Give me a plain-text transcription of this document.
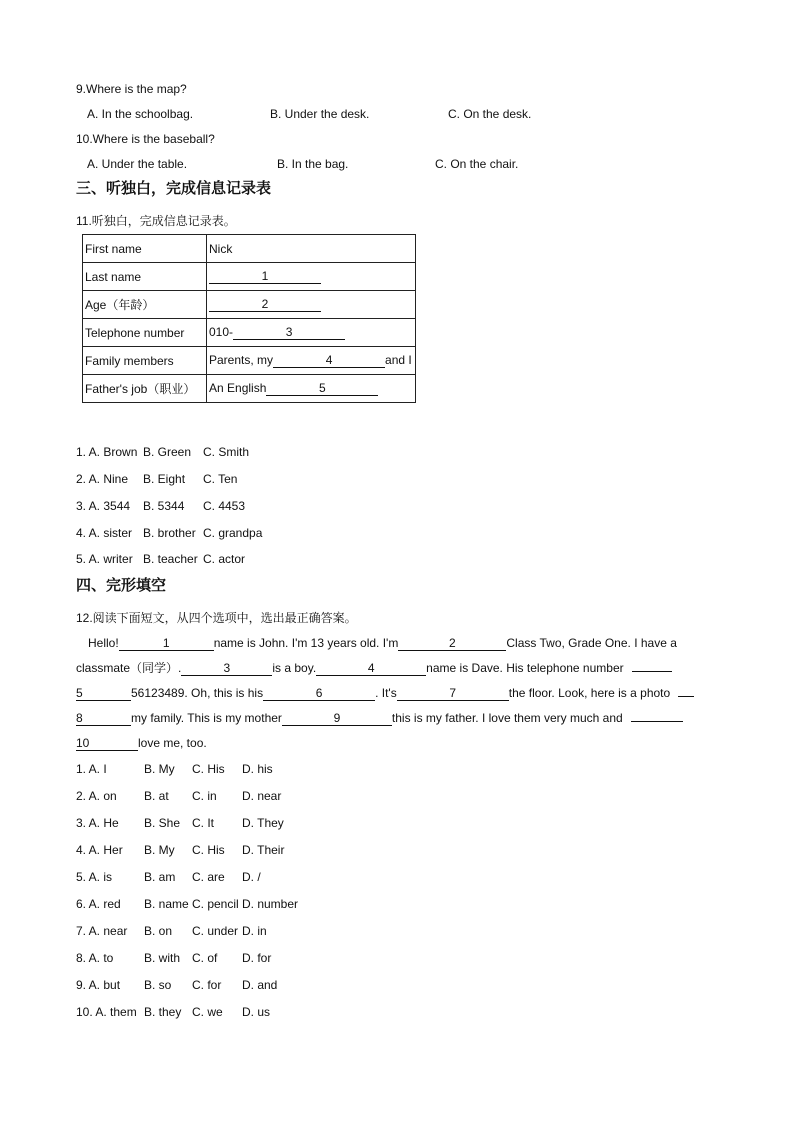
9.Where is the map?
A. In the schoolbag.	B. Under the desk.	C. On the desk.
10.Where is the baseball?
A. Under the table.	B. In the bag.	C. On the chair.
三、听独白，完成信息记录表
11.听独白，完成信息记录表。
First name	Nick
Last name	1
Age（年龄）	2
Telephone number	010- 3
Family members	Parents, my 4 and I
Father's job（职业）	An English 5
1. A. Brown B. Green C. Smith
2. A. Nine B. Eight C. Ten
3. A. 3544 B. 5344 C. 4453
4. A. sister B. brother C. grandpa
5. A. writer B. teacher C. actor
四、完形填空
12.阅读下面短文，从四个选项中，选出最正确答案。
Hello!	1	name is John. I'm 13 years old. I'm	2	Class Two, Grade One. I have a
classmate（同学）.	3	is a boy.	4	name is Dave. His telephone number
5	56123489. Oh, this is his	6	. It's	7	the floor. Look, here is a photo
8	my family. This is my mother	9	this is my father. I love them very much and
10	love me, too.
1. A. I	B. My C. His D. his
2. A. on B. at C. in D. near
3. A. He B. She C. It D. They
4. A. Her B. My C. His D. Their
5. A. is	B. am C. are D. /
6. A. red B. name C. pencil D. number
7. A. near B. on C. under D. in
8. A. to	B. with C. of D. for
9. A. but B. so C. for D. and
10. A. them B. they C. we D. us
